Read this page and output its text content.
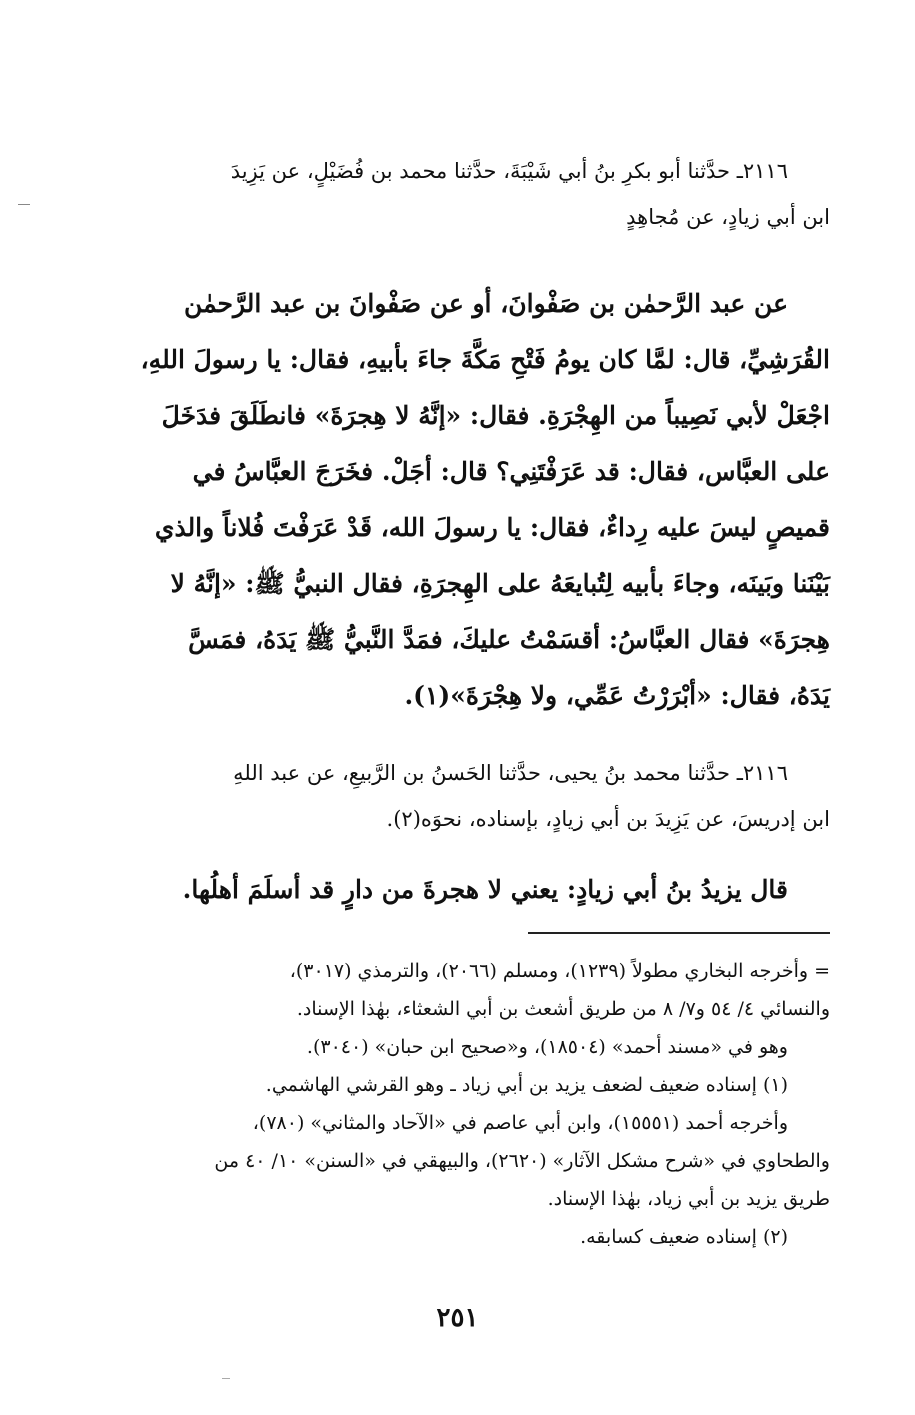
٢١١٦ـ حدَّثنا أبو بكرِ بنُ أبي شَيْبَةَ، حدَّثنا محمد بن فُضَيْلٍ، عن يَزِيدَ

ابن أبي زيادٍ، عن مُجاهِدٍ

عن عبد الرَّحمٰن بن صَفْوانَ، أو عن صَفْوانَ بن عبد الرَّحمٰن

القُرَشِيِّ، قال: لمَّا كان يومُ فَتْحِ مَكَّةَ جاءَ بأبيهِ، فقال: يا رسولَ اللهِ،

اجْعَلْ لأبي نَصِيباً من الهِجْرَةِ. فقال: «إنَّهُ لا هِجرَةَ» فانطَلَقَ فدَخَلَ

على العبَّاس، فقال: قد عَرَفْتَنِي؟ قال: أجَلْ. فخَرَجَ العبَّاسُ في

قميصٍ ليسَ عليه رِداءٌ، فقال: يا رسولَ الله، قَدْ عَرَفْتَ فُلاناً والذي

بَيْنَنا وبَينَه، وجاءَ بأبيه لِتُبايعَهُ على الهِجرَةِ، فقال النبيُّ ﷺ: «إنَّهُ لا

هِجرَةَ» فقال العبَّاسُ: أقسَمْتُ عليكَ، فمَدَّ النَّبيُّ ﷺ يَدَهُ، فمَسَّ

يَدَهُ، فقال: «أبْرَرْتُ عَمِّي، ولا هِجْرَةَ»(١).

٢١١٦ـ حدَّثنا محمد بنُ يحيى، حدَّثنا الحَسنُ بن الرَّبيعِ، عن عبد اللهِ

ابن إدريسَ، عن يَزِيدَ بن أبي زيادٍ، بإسناده، نحوَه(٢).

قال يزيدُ بنُ أبي زيادٍ: يعني لا هجرةَ من دارٍ قد أسلَمَ أهلُها.

= وأخرجه البخاري مطولاً (١٢٣٩)، ومسلم (٢٠٦٦)، والترمذي (٣٠١٧)،

والنسائي ٤/ ٥٤ و٧/ ٨ من طريق أشعث بن أبي الشعثاء، بهٰذا الإسناد.

وهو في «مسند أحمد» (١٨٥٠٤)، و«صحيح ابن حبان» (٣٠٤٠).

(١) إسناده ضعيف لضعف يزيد بن أبي زياد ـ وهو القرشي الهاشمي.

وأخرجه أحمد (١٥٥٥١)، وابن أبي عاصم في «الآحاد والمثاني» (٧٨٠)،

والطحاوي في «شرح مشكل الآثار» (٢٦٢٠)، والبيهقي في «السنن» ١٠/ ٤٠ من

طريق يزيد بن أبي زياد، بهٰذا الإسناد.

(٢) إسناده ضعيف كسابقه.

٢٥١
